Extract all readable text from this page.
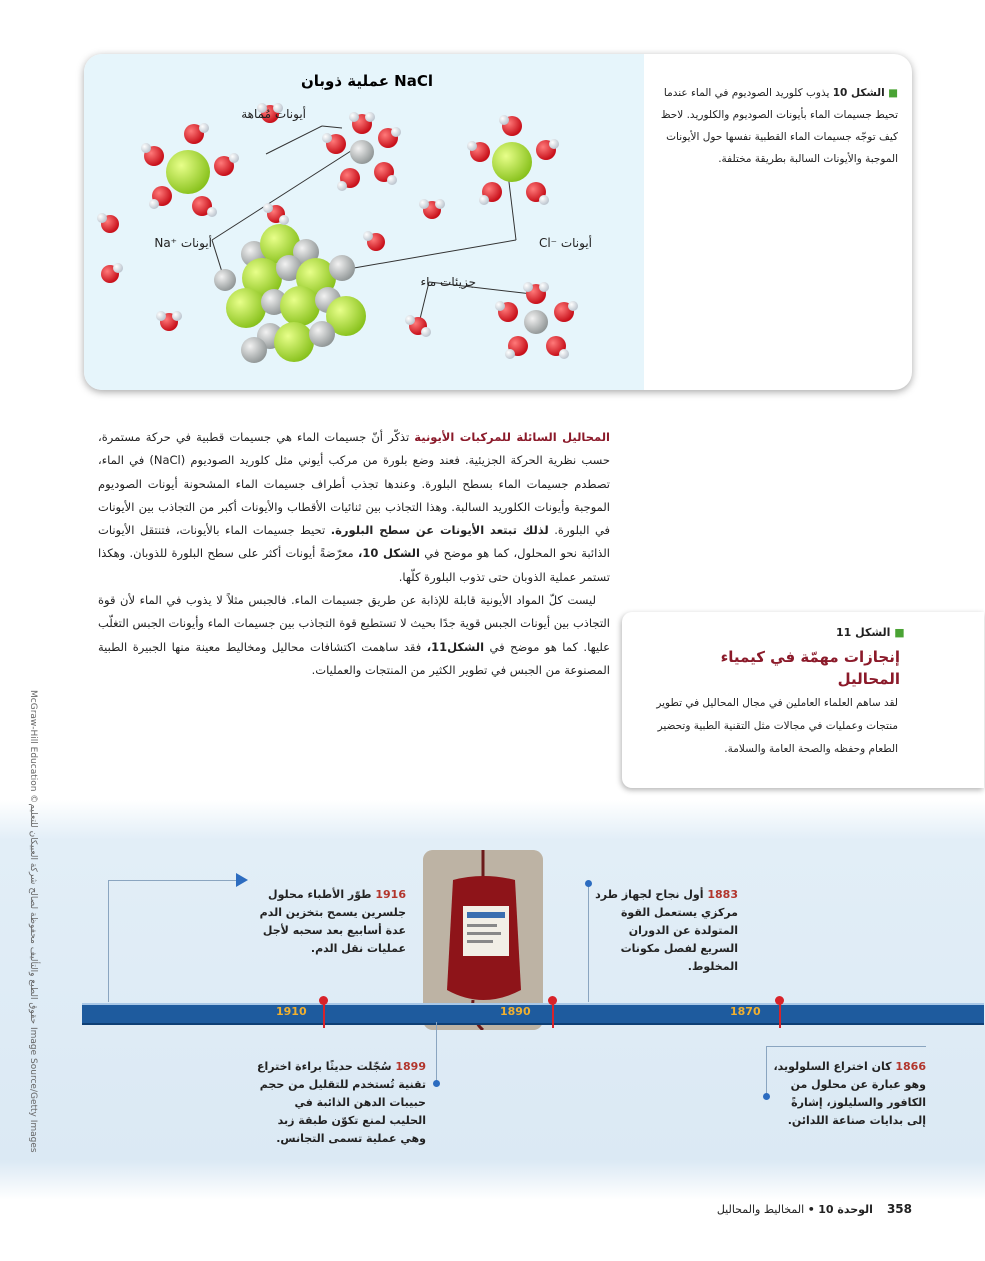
عملية ذوبان NaCl
أيونات مُماهة
Na⁺ أيونات	Cl⁻ أيونات
جزيئات ماء
■ الشكل 10 يذوب كلوريد الصوديوم في الماء عندما تحيط جسيمات الماء بأيونات الصوديوم والكلوريد. لاحظ كيف توجّه جسيمات الماء القطبية نفسها حول الأيونات الموجبة والأيونات السالبة بطريقة مختلفة.

المحاليل السائلة للمركبات الأيونية تذكّر أنّ جسيمات الماء هي جسيمات قطبية في حركة مستمرة، حسب نظرية الحركة الجزيئية. فعند وضع بلورة من مركب أيوني مثل كلوريد الصوديوم (NaCl) في الماء، تصطدم جسيمات الماء بسطح البلورة. وعندها تجذب أطراف جسيمات الماء المشحونة أيونات الصوديوم الموجبة وأيونات الكلوريد السالبة. وهذا التجاذب بين ثنائيات الأقطاب والأيونات أكبر من التجاذب بين الأيونات في البلورة. لذلك تبتعد الأيونات عن سطح البلورة. تحيط جسيمات الماء بالأيونات، فتنتقل الأيونات الذائبة نحو المحلول، كما هو موضح في الشكل 10، معرّضةً أيونات أكثر على سطح البلورة للذوبان. وهكذا تستمر عملية الذوبان حتى تذوب البلورة كلّها.

ليست كلّ المواد الأيونية قابلة للإذابة عن طريق جسيمات الماء. فالجبس مثلاً لا يذوب في الماء لأن قوة التجاذب بين أيونات الجبس قوية جدًا بحيث لا تستطيع قوة التجاذب بين جسيمات الماء وأيونات الجبس التغلّب عليها. كما هو موضح في الشكل11، فقد ساهمت اكتشافات محاليل ومخاليط معينة منها الجبيرة الطبية المصنوعة من الجبس في تطوير الكثير من المنتجات والعمليات.

■ الشكل 11
إنجازات مهمّة في كيمياء المحاليل
لقد ساهم العلماء العاملين في مجال المحاليل في تطوير منتجات وعمليات في مجالات مثل التقنية الطبية وتحضير الطعام وحفظه والصحة العامة والسلامة.
1910	1890	1870
1916 طوّر الأطباء محلول جلسرين يسمح بتخزين الدم عدة أسابيع بعد سحبه لأجل عمليات نقل الدم.
1883 أول نجاح لجهاز طرد مركزي يستعمل القوة المتولدة عن الدوران السريع لفصل مكونات المخلوط.
1899 سُجّلت حديثًا براءة اختراع تقنية تُستخدم للتقليل من حجم حبيبات الدهن الذائبة في الحليب لمنع تكوّن طبقة زبد وهي عملية تسمى التجانس.
1866 كان اختراع السلولويد، وهو عبارة عن محلول من الكافور والسليلوز، إشارةً إلى بدايات صناعة اللدائن.
McGraw-Hill Education ©حقوق الطبع والتأليف محفوظة لصالح شركة العبيكان للتعليم Image Source/Getty Images
358    الوحدة 10 • المخاليط والمحاليل
